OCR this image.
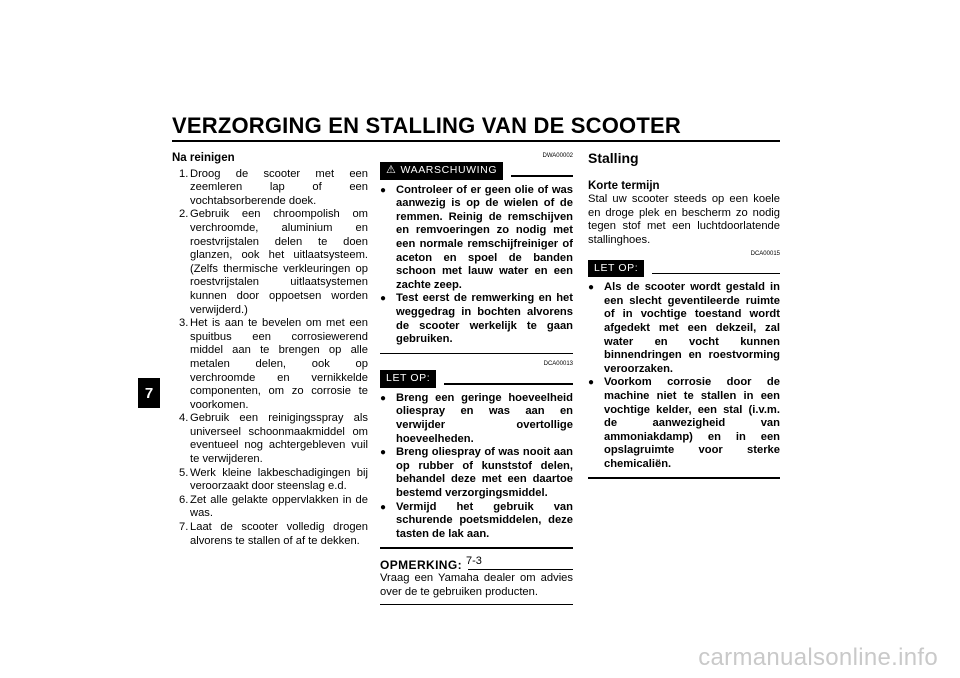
VERZORGING EN STALLING VAN DE SCOOTER
7
Na reinigen
1. Droog de scooter met een zeemleren lap of een vochtabsorberende doek.
2. Gebruik een chroompolish om verchroomde, aluminium en roestvrijstalen delen te doen glanzen, ook het uitlaatsysteem. (Zelfs thermische verkleuringen op roestvrijstalen uitlaatsystemen kunnen door oppoetsen worden verwijderd.)
3. Het is aan te bevelen om met een spuitbus een corrosiewerend middel aan te brengen op alle metalen delen, ook op verchroomde en vernikkelde componenten, om zo corrosie te voorkomen.
4. Gebruik een reinigingsspray als universeel schoonmaakmiddel om eventueel nog achtergebleven vuil te verwijderen.
5. Werk kleine lakbeschadigingen bij veroorzaakt door steenslag e.d.
6. Zet alle gelakte oppervlakken in de was.
7. Laat de scooter volledig drogen alvorens te stallen of af te dekken.
DWA00002
⚠ WAARSCHUWING
● Controleer of er geen olie of was aanwezig is op de wielen of de remmen. Reinig de remschijven en remvoeringen zo nodig met een normale remschijfreiniger of aceton en spoel de banden schoon met lauw water en een zachte zeep.
● Test eerst de remwerking en het weggedrag in bochten alvorens de scooter werkelijk te gaan gebruiken.
DCA00013
LET OP:
● Breng een geringe hoeveelheid oliespray en was aan en verwijder overtollige hoeveelheden.
● Breng oliespray of was nooit aan op rubber of kunststof delen, behandel deze met een daartoe bestemd verzorgingsmiddel.
● Vermijd het gebruik van schurende poetsmiddelen, deze tasten de lak aan.
OPMERKING:
Vraag een Yamaha dealer om advies over de te gebruiken producten.
Stalling
Korte termijn
Stal uw scooter steeds op een koele en droge plek en bescherm zo nodig tegen stof met een luchtdoorlatende stallinghoes.
DCA00015
LET OP:
● Als de scooter wordt gestald in een slecht geventileerde ruimte of in vochtige toestand wordt afgedekt met een dekzeil, zal water en vocht kunnen binnendringen en roestvorming veroorzaken.
● Voorkom corrosie door de machine niet te stallen in een vochtige kelder, een stal (i.v.m. de aanwezigheid van ammoniakdamp) en in een opslagruimte voor sterke chemicaliën.
7-3
carmanualsonline.info
